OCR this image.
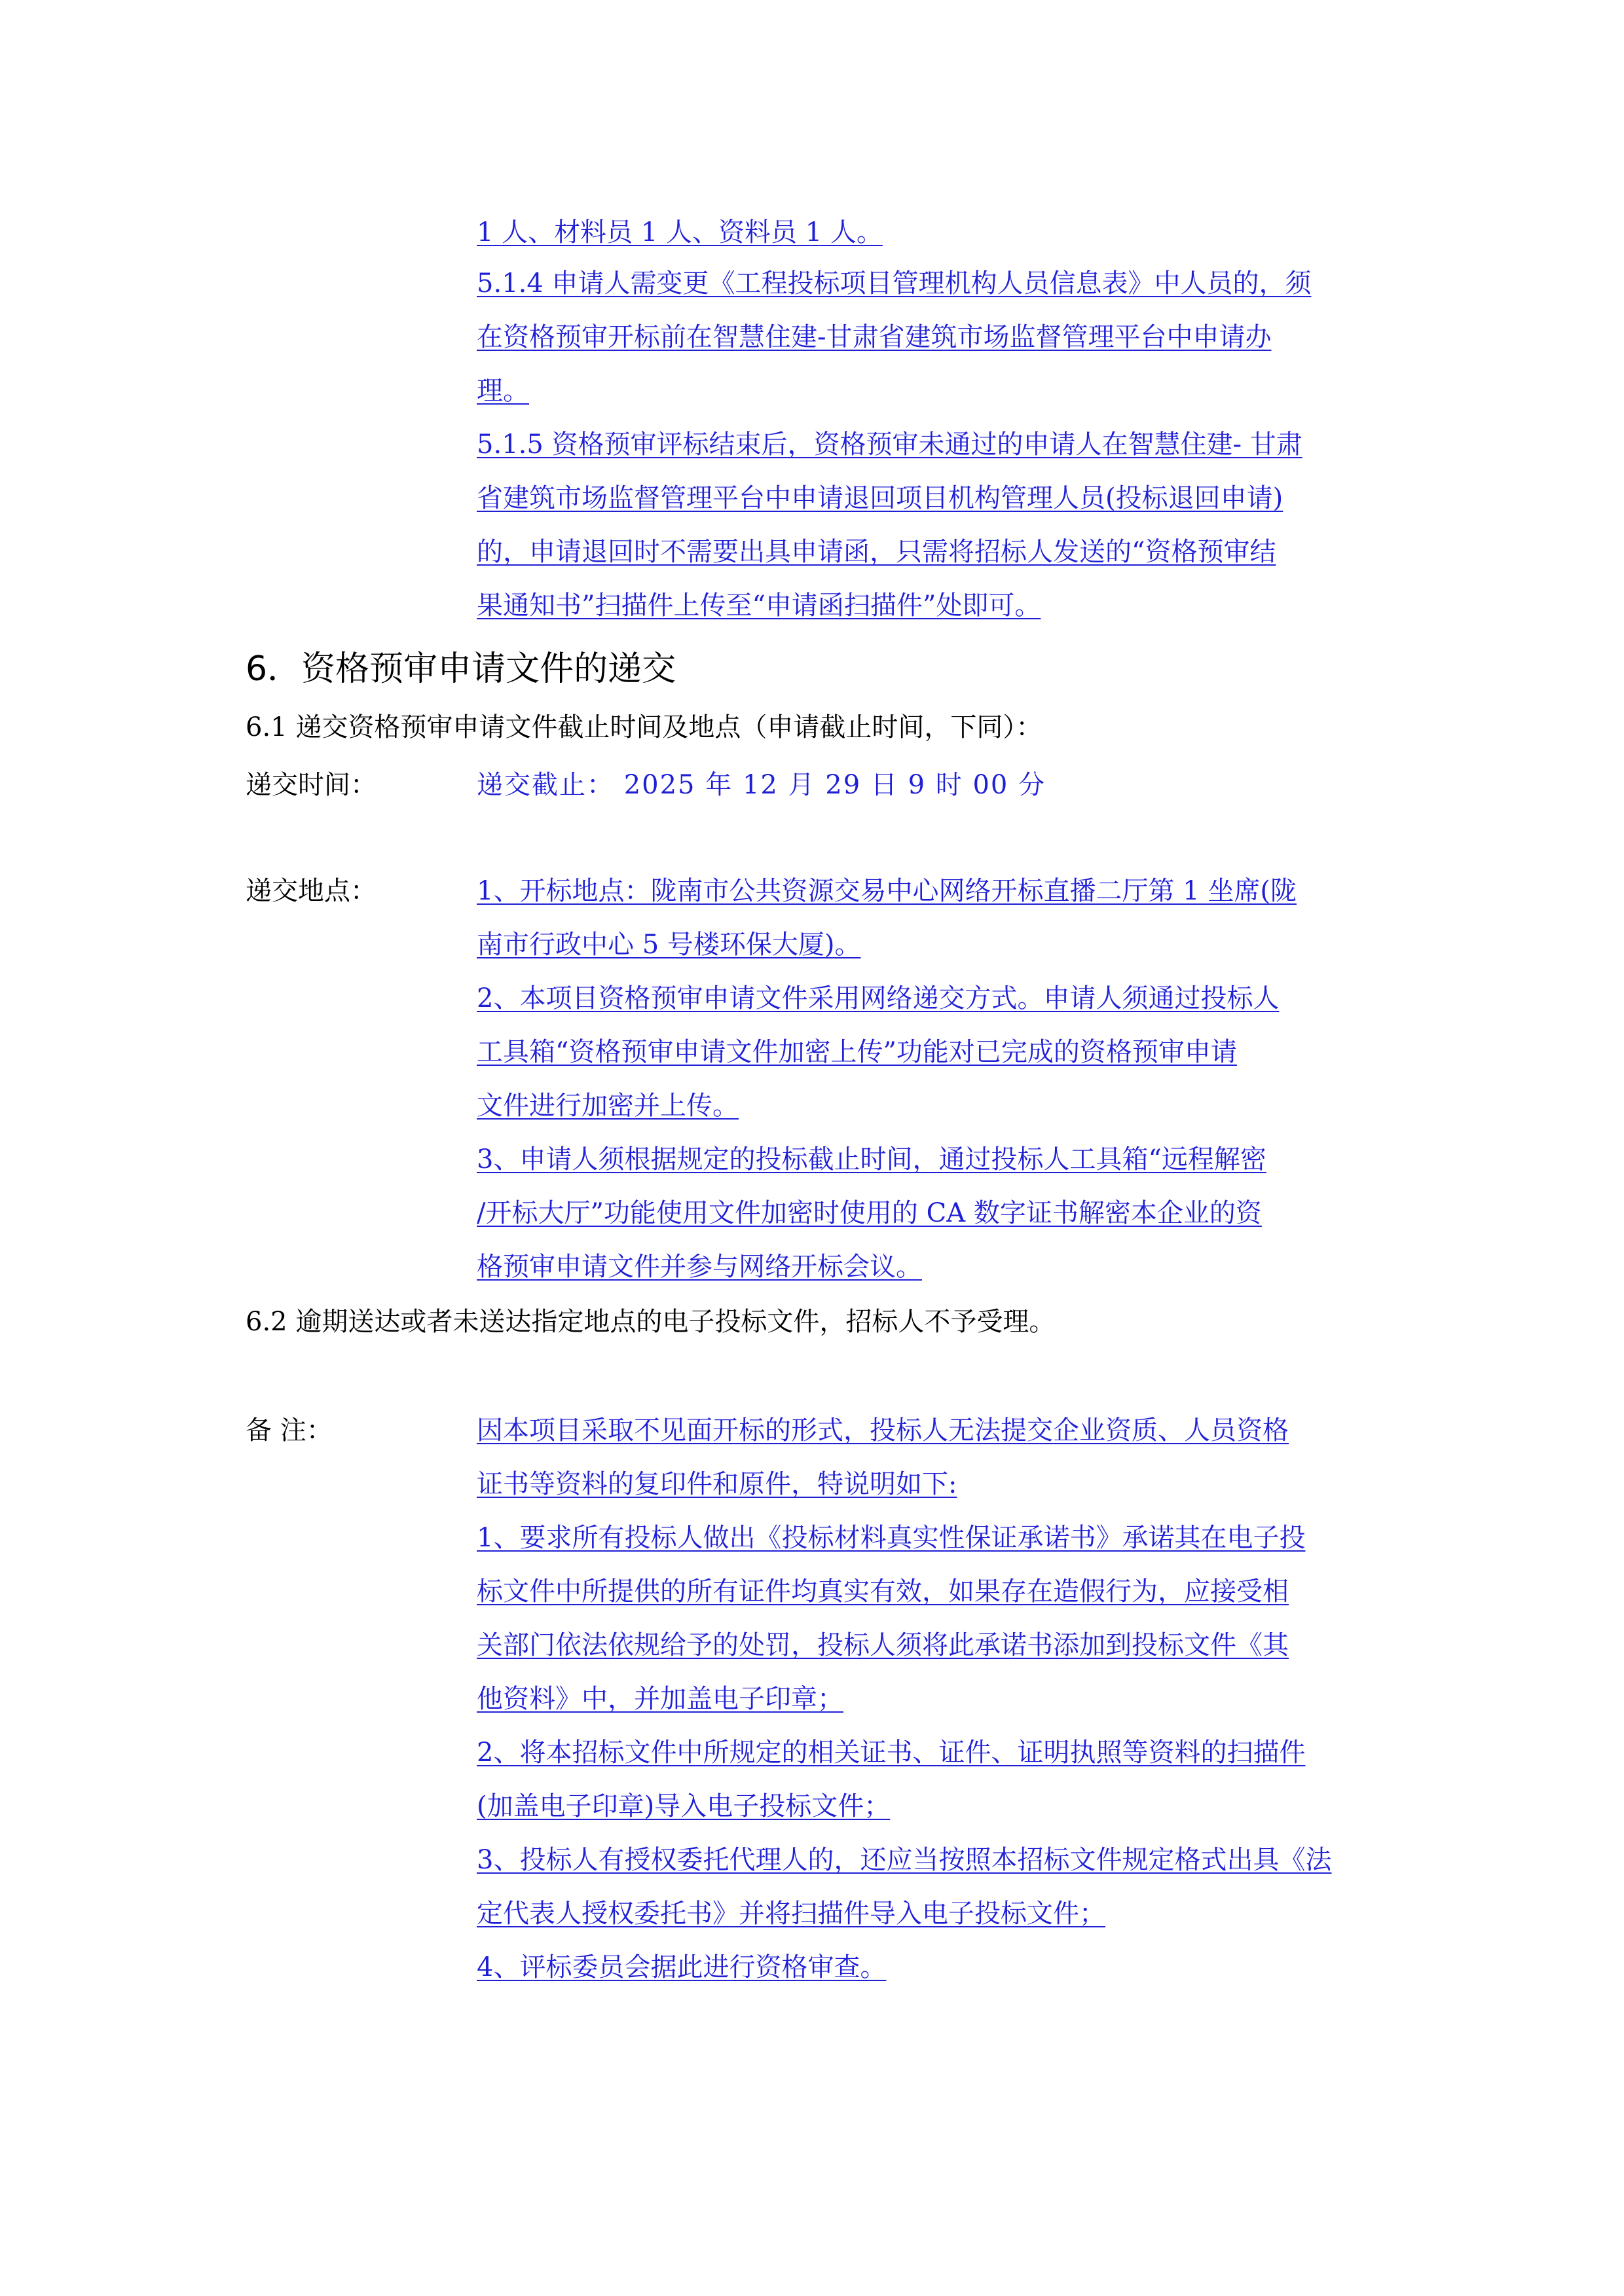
1 人、材料员 1 人、资料员 1 人。
5.1.4 申请人需变更《工程投标项目管理机构人员信息表》中人员的，须
在资格预审开标前在智慧住建-甘肃省建筑市场监督管理平台中申请办
理。
5.1.5 资格预审评标结束后，资格预审未通过的申请人在智慧住建- 甘肃
省建筑市场监督管理平台中申请退回项目机构管理人员(投标退回申请)
的，申请退回时不需要出具申请函，只需将招标人发送的“资格预审结
果通知书”扫描件上传至“申请函扫描件”处即可。
6．资格预审申请文件的递交
6.1 递交资格预审申请文件截止时间及地点（申请截止时间，下同）：
递交时间：	递交截止： 2025 年 12 月 29 日 9 时 00 分
递交地点：	1、开标地点：陇南市公共资源交易中心网络开标直播二厅第 1 坐席(陇
南市行政中心 5 号楼环保大厦)。
2、本项目资格预审申请文件采用网络递交方式。申请人须通过投标人
工具箱“资格预审申请文件加密上传”功能对已完成的资格预审申请
文件进行加密并上传。
3、申请人须根据规定的投标截止时间，通过投标人工具箱“远程解密
/开标大厅”功能使用文件加密时使用的 CA 数字证书解密本企业的资
格预审申请文件并参与网络开标会议。
6.2 逾期送达或者未送达指定地点的电子投标文件，招标人不予受理。
备 注：	因本项目采取不见面开标的形式，投标人无法提交企业资质、人员资格
证书等资料的复印件和原件，特说明如下:
1、要求所有投标人做出《投标材料真实性保证承诺书》承诺其在电子投
标文件中所提供的所有证件均真实有效，如果存在造假行为，应接受相
关部门依法依规给予的处罚，投标人须将此承诺书添加到投标文件《其
他资料》中，并加盖电子印章；
2、将本招标文件中所规定的相关证书、证件、证明执照等资料的扫描件
(加盖电子印章)导入电子投标文件；
3、投标人有授权委托代理人的，还应当按照本招标文件规定格式出具《法
定代表人授权委托书》并将扫描件导入电子投标文件；
4、评标委员会据此进行资格审查。
